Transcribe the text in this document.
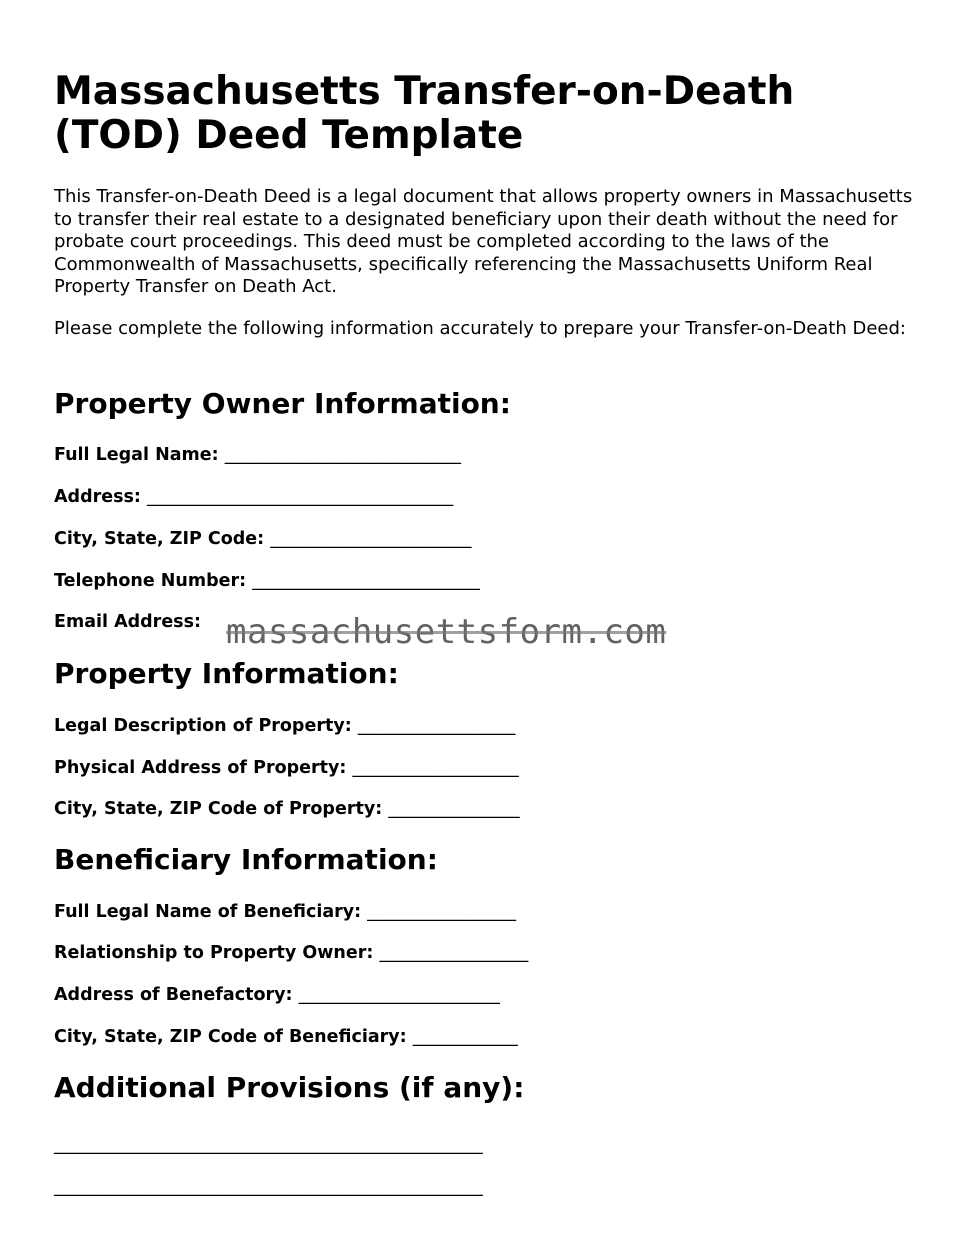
Massachusetts Transfer-on-Death (TOD) Deed Template

This Transfer-on-Death Deed is a legal document that allows property owners in Massachusetts to transfer their real estate to a designated beneficiary upon their death without the need for probate court proceedings. This deed must be completed according to the laws of the Commonwealth of Massachusetts, specifically referencing the Massachusetts Uniform Real Property Transfer on Death Act.

Please complete the following information accurately to prepare your Transfer-on-Death Deed:

Property Owner Information:
Full Legal Name: ___________________________
Address: ___________________________________
City, State, ZIP Code: _______________________
Telephone Number: __________________________
Email Address:
Property Information:
Legal Description of Property: __________________
Physical Address of Property: ___________________
City, State, ZIP Code of Property: _______________
Beneficiary Information:
Full Legal Name of Beneficiary: _________________
Relationship to Property Owner: _________________
Address of Benefactory: _______________________
City, State, ZIP Code of Beneficiary: ____________
Additional Provisions (if any):
_________________________________________________
_________________________________________________
massachusettsform.com
